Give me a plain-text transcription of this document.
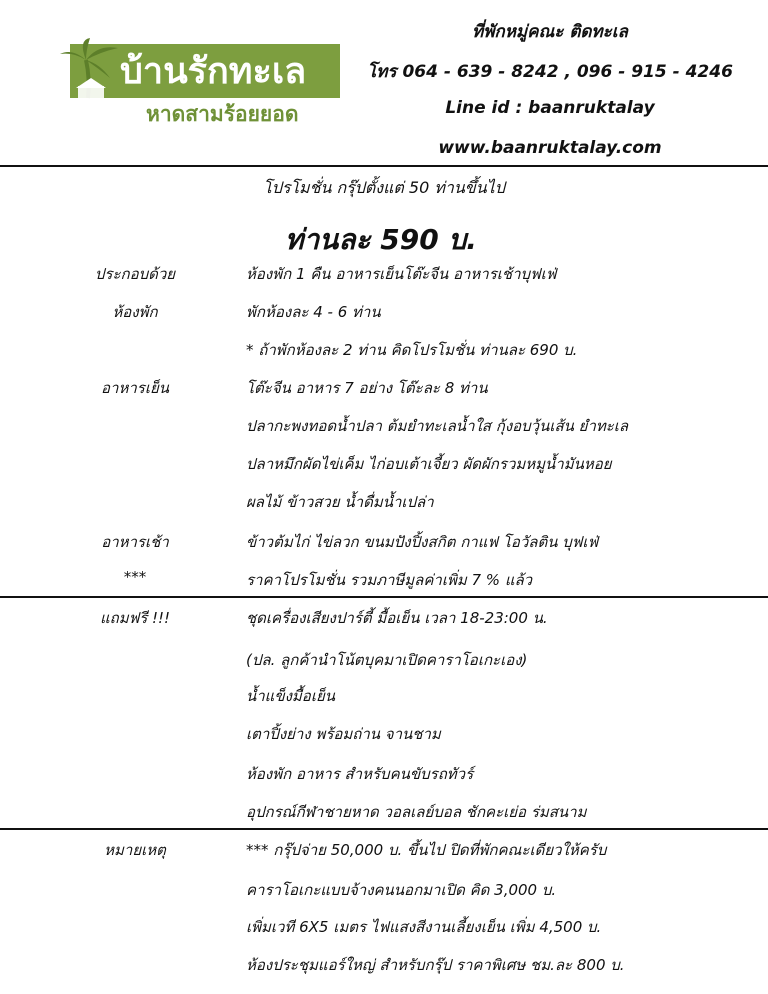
บ้านรักทะเล
หาดสามร้อยยอด
ที่พักหมู่คณะ ติดทะเล
โทร 064 - 639 - 8242 , 096 - 915 - 4246
Line id : baanruktalay
www.baanruktalay.com
โปรโมชั่น กรุ๊ปตั้งแต่ 50 ท่านขึ้นไป
ท่านละ 590 บ.
ประกอบด้วย	ห้องพัก 1 คืน อาหารเย็นโต๊ะจีน อาหารเช้าบุฟเฟ่
ห้องพัก	พักห้องละ 4 - 6 ท่าน
* ถ้าพักห้องละ 2 ท่าน คิดโปรโมชั่น ท่านละ 690 บ.
อาหารเย็น	โต๊ะจีน อาหาร 7 อย่าง โต๊ะละ 8 ท่าน
ปลากะพงทอดน้ำปลา ต้มยำทะเลน้ำใส กุ้งอบวุ้นเส้น ยำทะเล
ปลาหมึกผัดไข่เค็ม ไก่อบเต้าเจี้ยว ผัดผักรวมหมูน้ำมันหอย
ผลไม้ ข้าวสวย น้ำดื่มน้ำเปล่า
อาหารเช้า	ข้าวต้มไก่ ไข่ลวก ขนมปังปิ้งสกิต กาแฟ โอวัลติน บุฟเฟ่
***	ราคาโปรโมชั่น รวมภาษีมูลค่าเพิ่ม 7 % แล้ว
แถมฟรี !!!	ชุดเครื่องเสียงปาร์ตี้ มื้อเย็น เวลา 18-23:00 น.
(ปล. ลูกค้านำโน้ตบุคมาเปิดคาราโอเกะเอง)
น้ำแข็งมื้อเย็น
เตาปิ้งย่าง พร้อมถ่าน จานชาม
ห้องพัก อาหาร สำหรับคนขับรถทัวร์
อุปกรณ์กีฬาชายหาด วอลเลย์บอล ชักคะเย่อ ร่มสนาม
หมายเหตุ	*** กรุ๊ปจ่าย 50,000 บ. ขึ้นไป ปิดที่พักคณะเดียวให้ครับ
คาราโอเกะแบบจ้างคนนอกมาเปิด คิด 3,000 บ.
เพิ่มเวที 6X5 เมตร ไฟแสงสีงานเลี้ยงเย็น เพิ่ม 4,500 บ.
ห้องประชุมแอร์ใหญ่ สำหรับกรุ๊ป ราคาพิเศษ ชม.ละ 800 บ.
